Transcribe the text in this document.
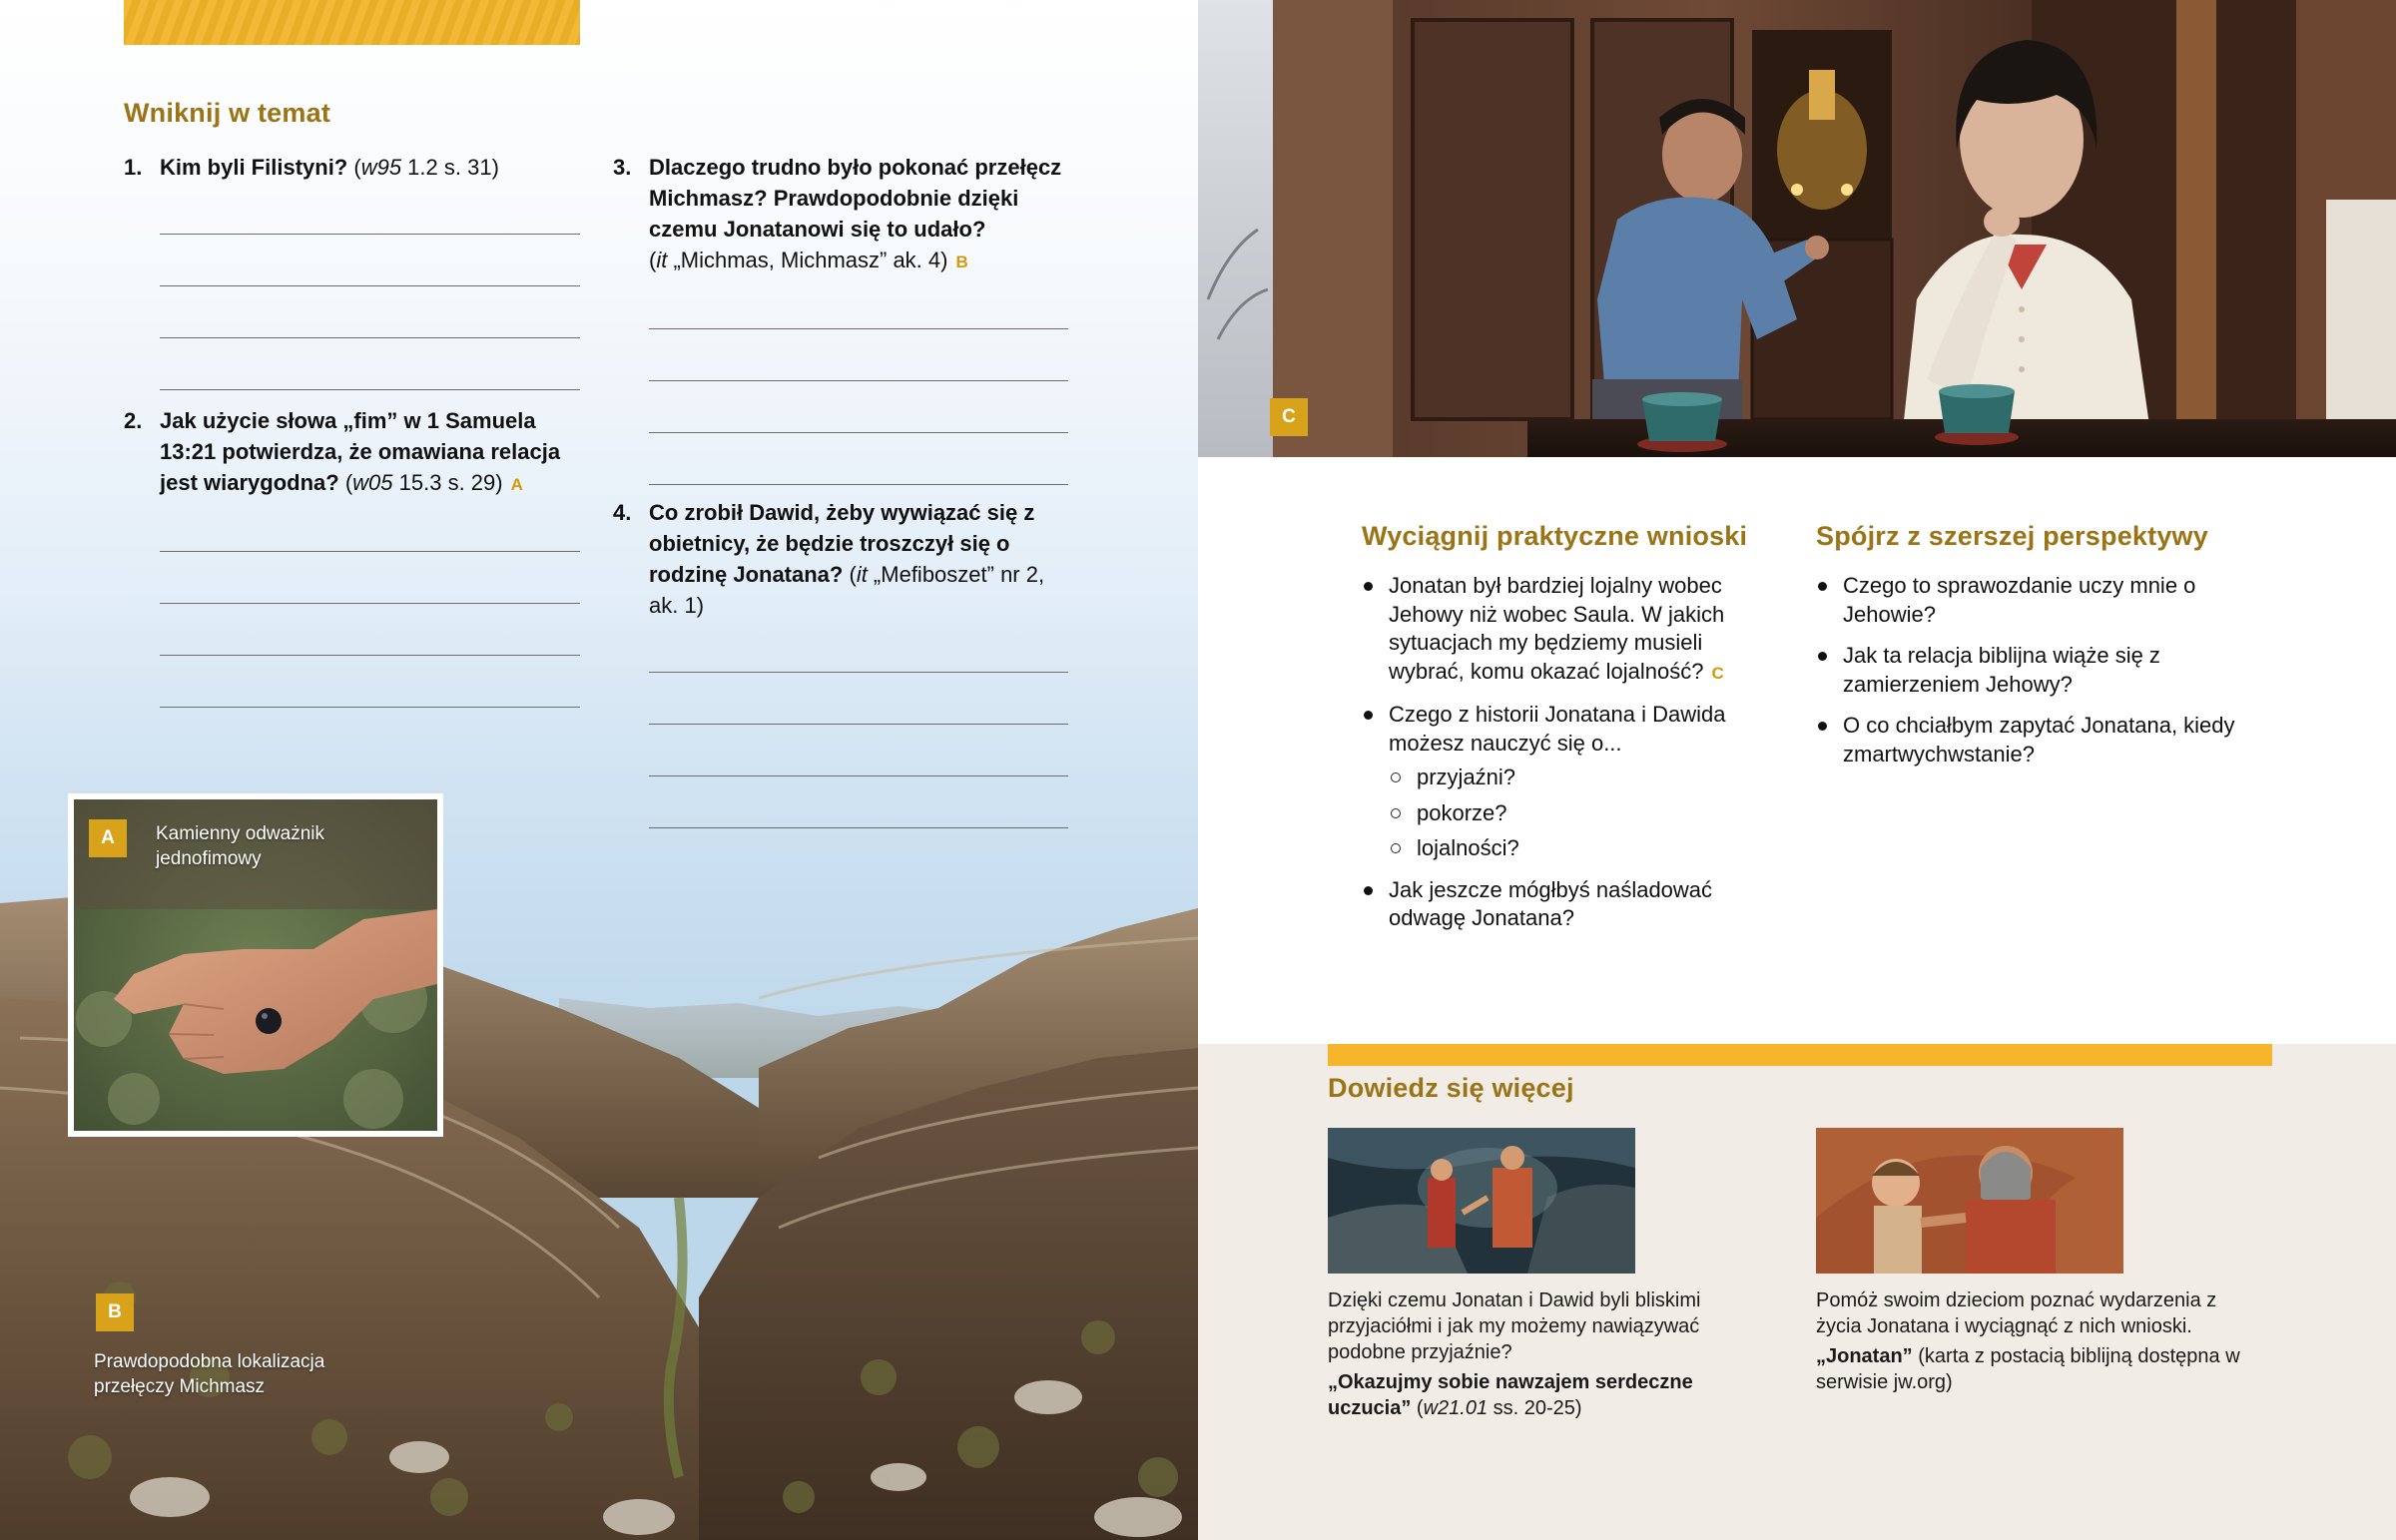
Wniknij w temat
1. Kim byli Filistyni? (w95 1.2 s. 31)
2. Jak użycie słowa „fim” w 1 Samuela 13:21 potwierdza, że omawiana relacja jest wiarygodna? (w05 15.3 s. 29) A
3. Dlaczego trudno było pokonać przełęcz Michmasz? Prawdopodobnie dzięki czemu Jonatanowi się to udało?
(it „Michmas, Michmasz” ak. 4) B
4. Co zrobił Dawid, żeby wywiązać się z obietnicy, że będzie troszczył się o rodzinę Jonatana? (it „Mefiboszet” nr 2, ak. 1)
A	Kamienny odważnik jednofimowy
B
Prawdopodobna lokalizacja przełęczy Michmasz
C
Wyciągnij praktyczne wnioski
Jonatan był bardziej lojalny wobec Jehowy niż wobec Saula. W jakich sytuacjach my będziemy musieli wybrać, komu okazać lojalność? C
Czego z historii Jonatana i Dawida możesz nauczyć się o...
przyjaźni?
pokorze?
lojalności?
Jak jeszcze mógłbyś naśladować odwagę Jonatana?
Spójrz z szerszej perspektywy
Czego to sprawozdanie uczy mnie o Jehowie?
Jak ta relacja biblijna wiąże się z zamierzeniem Jehowy?
O co chciałbym zapytać Jonatana, kiedy zmartwychwstanie?
Dowiedz się więcej

Dzięki czemu Jonatan i Dawid byli bliskimi przyjaciółmi i jak my możemy nawiązywać podobne przyjaźnie?

„Okazujmy sobie nawzajem serdeczne uczucia” (w21.01 ss. 20-25)

Pomóż swoim dzieciom poznać wydarzenia z życia Jonatana i wyciągnąć z nich wnioski.

„Jonatan” (karta z postacią biblijną dostępna w serwisie jw.org)
